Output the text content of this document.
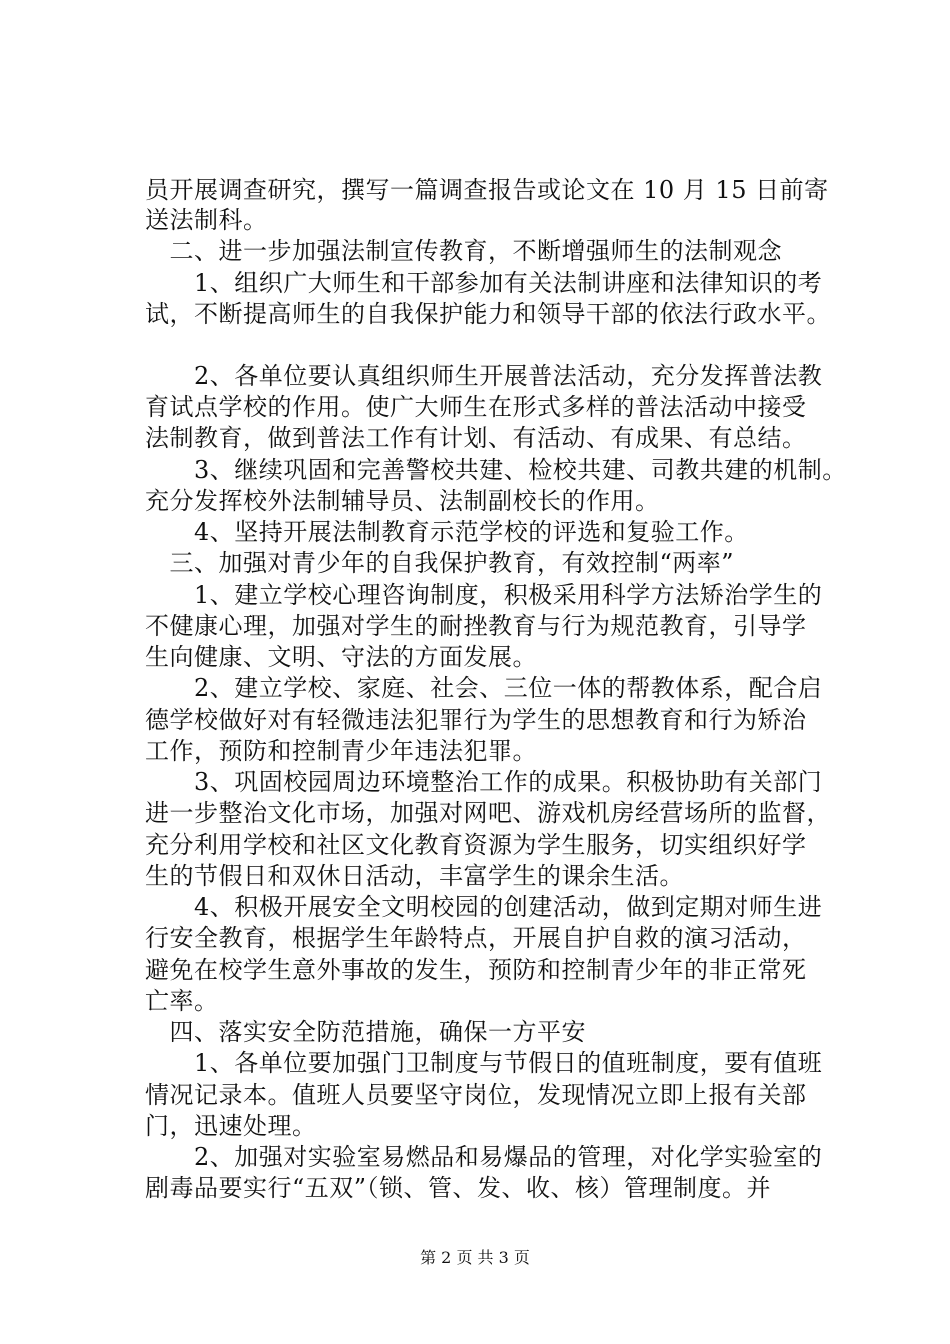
员开展调查研究，撰写一篇调查报告或论文在 10 月 15 日前寄
送法制科。
　二、进一步加强法制宣传教育，不断增强师生的法制观念
　　1、组织广大师生和干部参加有关法制讲座和法律知识的考
试，不断提高师生的自我保护能力和领导干部的依法行政水平。
　　2、各单位要认真组织师生开展普法活动，充分发挥普法教
育试点学校的作用。使广大师生在形式多样的普法活动中接受
法制教育，做到普法工作有计划、有活动、有成果、有总结。
　　3、继续巩固和完善警校共建、检校共建、司教共建的机制。
充分发挥校外法制辅导员、法制副校长的作用。
　　4、坚持开展法制教育示范学校的评选和复验工作。
　三、加强对青少年的自我保护教育，有效控制“两率”
　　1、建立学校心理咨询制度，积极采用科学方法矫治学生的
不健康心理，加强对学生的耐挫教育与行为规范教育，引导学
生向健康、文明、守法的方面发展。
　　2、建立学校、家庭、社会、三位一体的帮教体系，配合启
德学校做好对有轻微违法犯罪行为学生的思想教育和行为矫治
工作，预防和控制青少年违法犯罪。
　　3、巩固校园周边环境整治工作的成果。积极协助有关部门
进一步整治文化市场，加强对网吧、游戏机房经营场所的监督，
充分利用学校和社区文化教育资源为学生服务，切实组织好学
生的节假日和双休日活动，丰富学生的课余生活。
　　4、积极开展安全文明校园的创建活动，做到定期对师生进
行安全教育，根据学生年龄特点，开展自护自救的演习活动，
避免在校学生意外事故的发生，预防和控制青少年的非正常死
亡率。
　四、落实安全防范措施，确保一方平安
　　1、各单位要加强门卫制度与节假日的值班制度，要有值班
情况记录本。值班人员要坚守岗位，发现情况立即上报有关部
门，迅速处理。
　　2、加强对实验室易燃品和易爆品的管理，对化学实验室的
剧毒品要实行“五双”（锁、管、发、收、核）管理制度。并
第 2 页 共 3 页
